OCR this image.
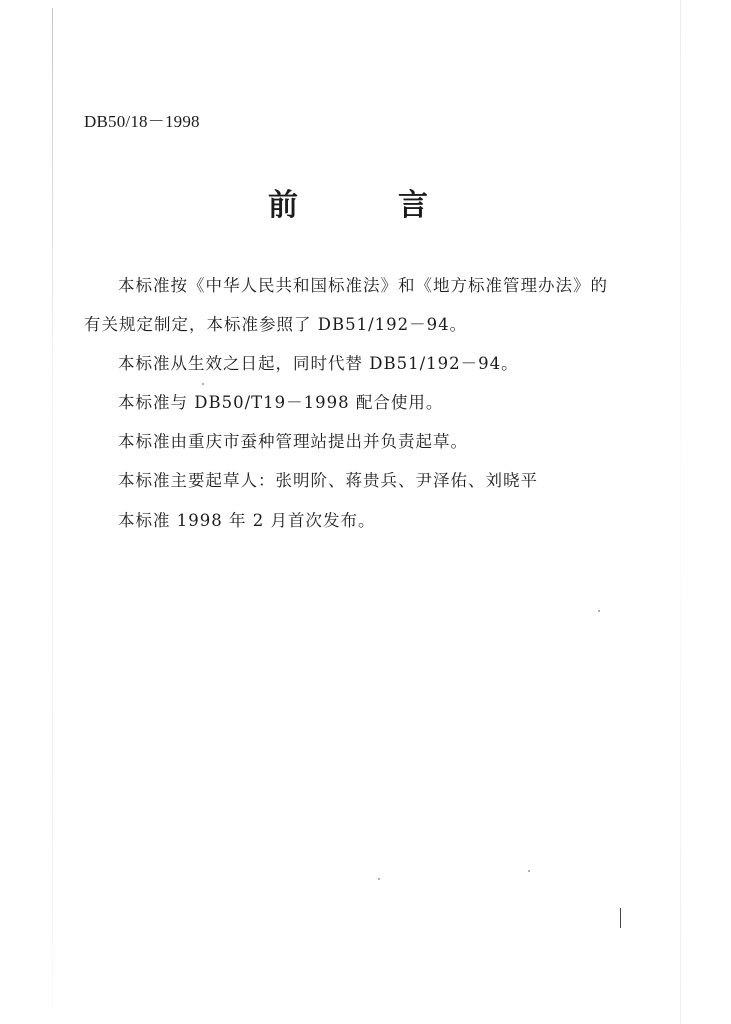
DB50/18－1998
前	言
本标准按《中华人民共和国标准法》和《地方标准管理办法》的
有关规定制定，本标准参照了 DB51/192－94。
本标准从生效之日起，同时代替 DB51/192－94。
本标准与 DB50/T19－1998 配合使用。
本标准由重庆市蚕种管理站提出并负责起草。
本标准主要起草人：张明阶、蒋贵兵、尹泽佑、刘晓平
本标准 1998 年 2 月首次发布。
